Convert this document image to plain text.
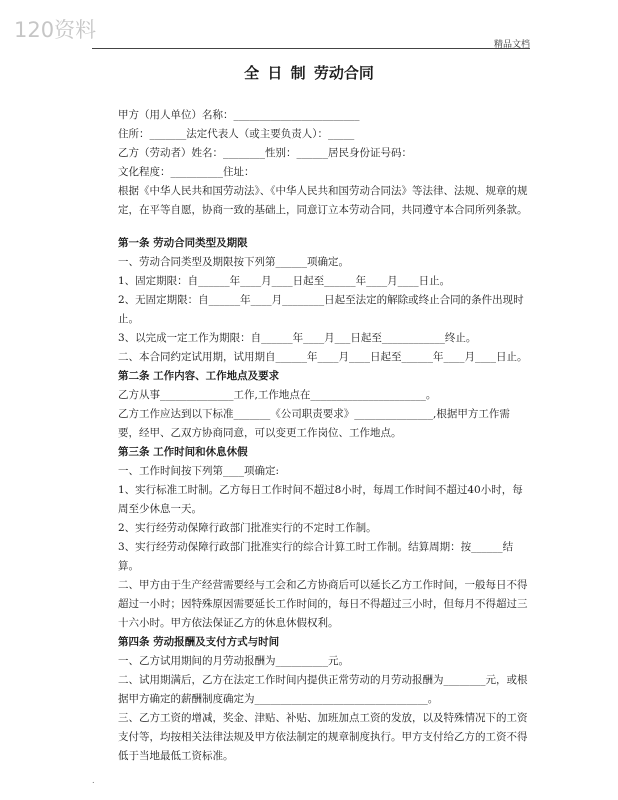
120资料
精品文档
全 日 制 劳动合同
甲方（用人单位）名称：________________________
住所：_______法定代表人（或主要负责人）：_____
乙方（劳动者）姓名：________性别：______居民身份证号码：
文化程度：__________住址：
根据《中华人民共和国劳动法》、《中华人民共和国劳动合同法》等法律、法规、规章的规定，在平等自愿，协商一致的基础上，同意订立本劳动合同，共同遵守本合同所列条款。
第一条 劳动合同类型及期限
一、劳动合同类型及期限按下列第______项确定。
1、固定期限：自______年____月____日起至______年____月____日止。
2、无固定期限：自______年____月________日起至法定的解除或终止合同的条件出现时止。
3、以完成一定工作为期限：自______年____月___日起至____________终止。
二、本合同约定试用期，试用期自______年____月____日起至______年____月____日止。
第二条 工作内容、工作地点及要求
乙方从事______________工作,工作地点在______________________。
乙方工作应达到以下标准_______《公司职责要求》_______________,根据甲方工作需要，经甲、乙双方协商同意，可以变更工作岗位、工作地点。
第三条 工作时间和休息休假
一、工作时间按下列第____项确定:
1、实行标准工时制。乙方每日工作时间不超过8小时，每周工作时间不超过40小时，每周至少休息一天。
2、实行经劳动保障行政部门批准实行的不定时工作制。
3、实行经劳动保障行政部门批准实行的综合计算工时工作制。结算周期：按______结算。
二、甲方由于生产经营需要经与工会和乙方协商后可以延长乙方工作时间，一般每日不得超过一小时；因特殊原因需要延长工作时间的，每日不得超过三小时，但每月不得超过三十六小时。甲方依法保证乙方的休息休假权利。
第四条 劳动报酬及支付方式与时间
一、乙方试用期间的月劳动报酬为__________元。
二、试用期满后，乙方在法定工作时间内提供正常劳动的月劳动报酬为________元，或根据甲方确定的薪酬制度确定为_________________________________。
三、乙方工资的增减，奖金、津贴、补贴、加班加点工资的发放，以及特殊情况下的工资支付等，均按相关法律法规及甲方依法制定的规章制度执行。甲方支付给乙方的工资不得低于当地最低工资标准。
.
